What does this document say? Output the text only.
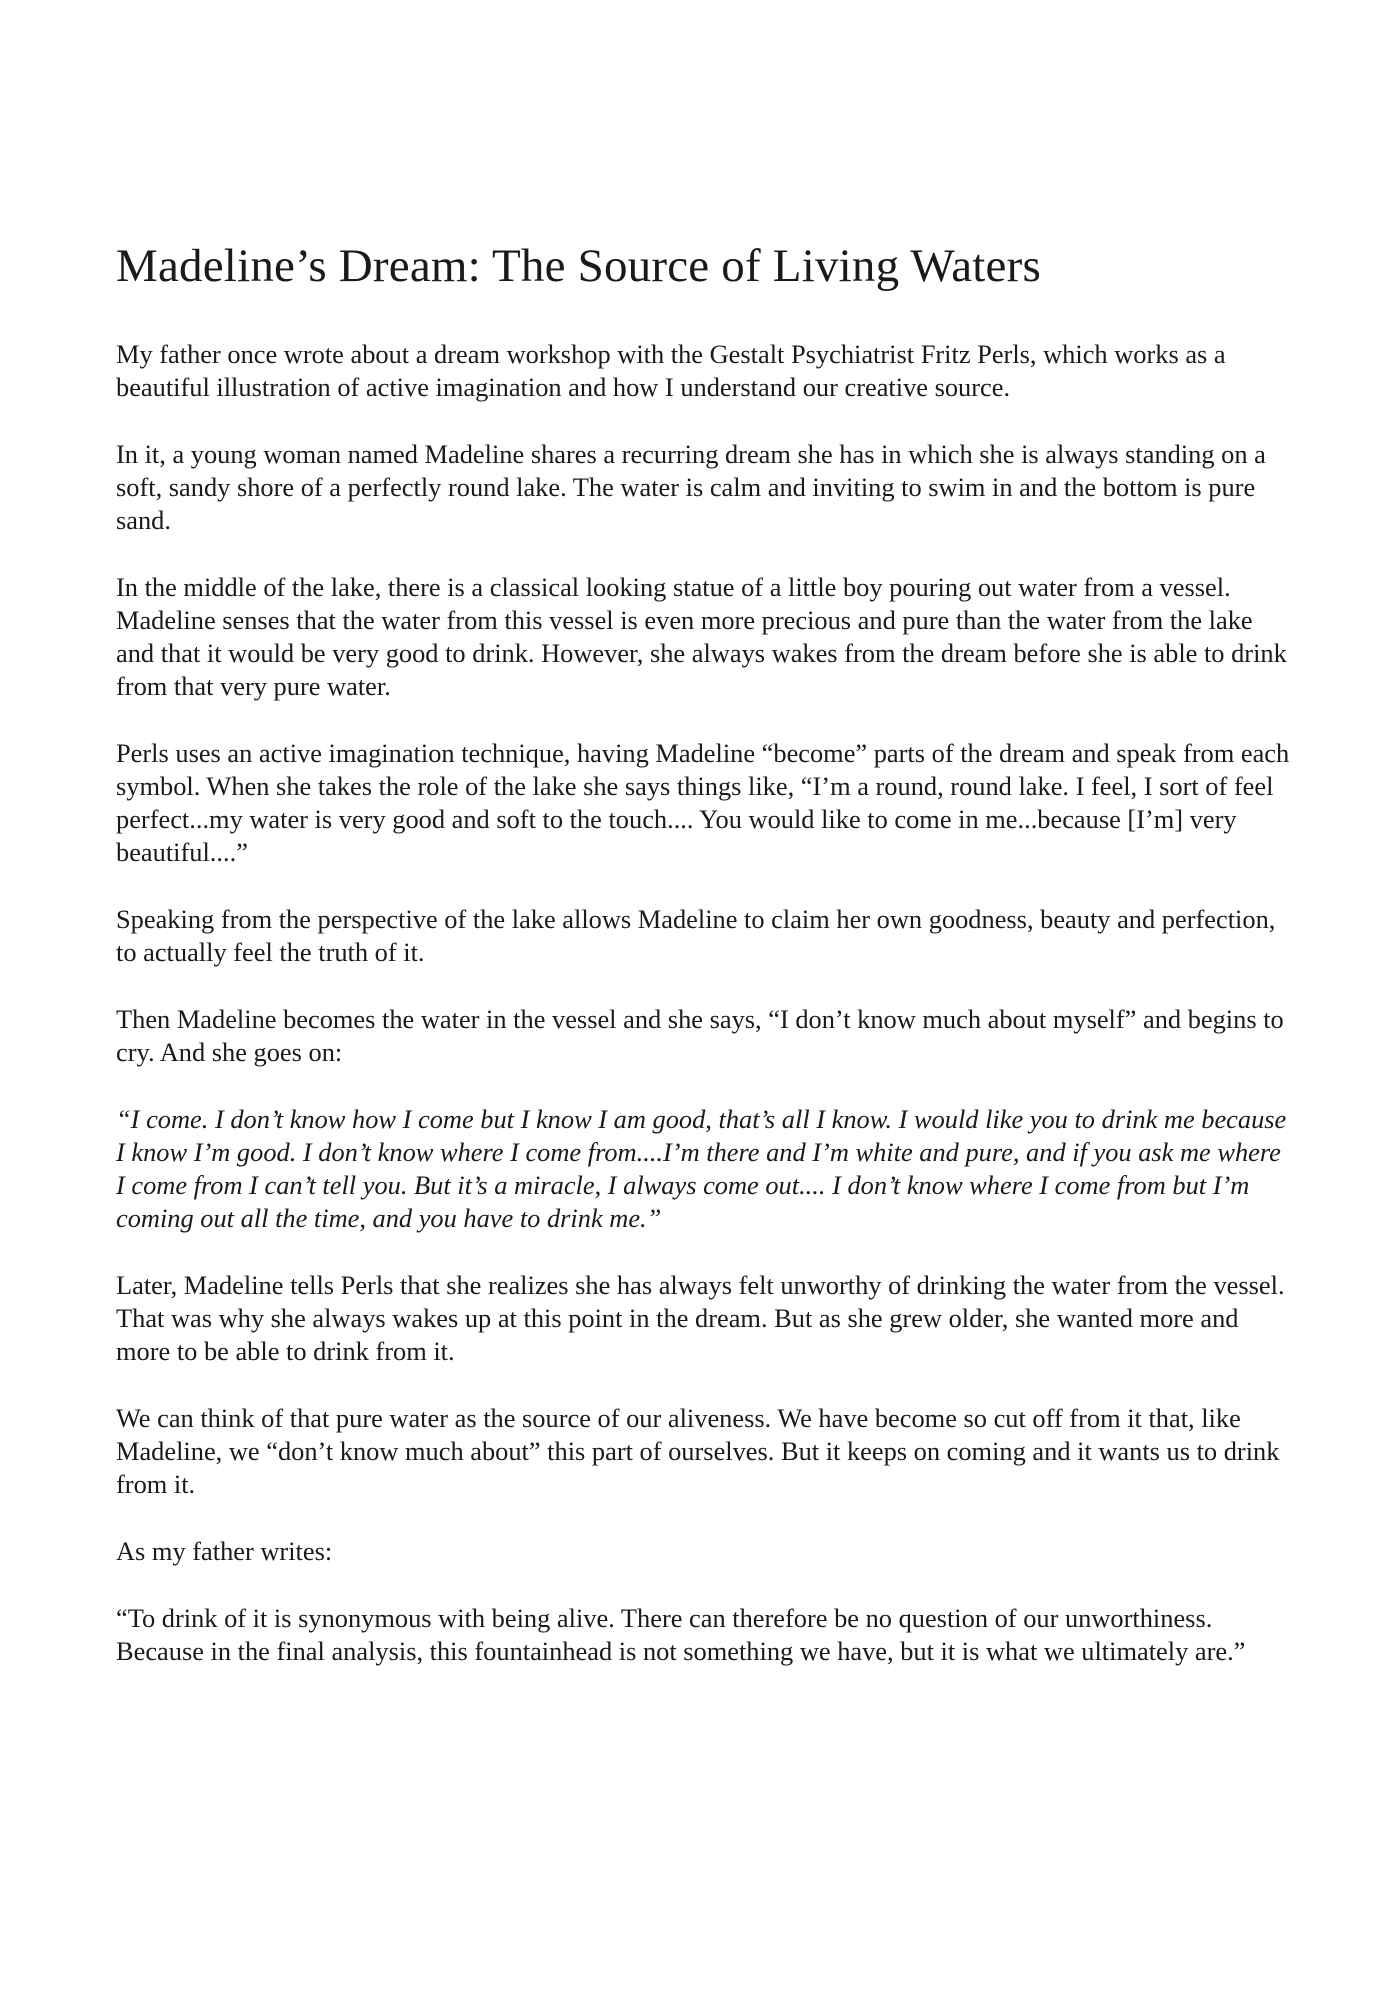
Madeline’s Dream: The Source of Living Waters

My father once wrote about a dream workshop with the Gestalt Psychiatrist Fritz Perls, which works as a beautiful illustration of active imagination and how I understand our creative source.

In it, a young woman named Madeline shares a recurring dream she has in which she is always standing on a soft, sandy shore of a perfectly round lake. The water is calm and inviting to swim in and the bottom is pure sand.

In the middle of the lake, there is a classical looking statue of a little boy pouring out water from a vessel. Madeline senses that the water from this vessel is even more precious and pure than the water from the lake and that it would be very good to drink. However, she always wakes from the dream before she is able to drink from that very pure water.

Perls uses an active imagination technique, having Madeline “become” parts of the dream and speak from each symbol. When she takes the role of the lake she says things like, “I’m a round, round lake. I feel, I sort of feel perfect...my water is very good and soft to the touch.... You would like to come in me...because [I’m] very beautiful....”

Speaking from the perspective of the lake allows Madeline to claim her own goodness, beauty and perfection, to actually feel the truth of it.

Then Madeline becomes the water in the vessel and she says, “I don’t know much about myself” and begins to cry. And she goes on:

“I come. I don’t know how I come but I know I am good, that’s all I know. I would like you to drink me because I know I’m good. I don’t know where I come from....I’m there and I’m white and pure, and if you ask me where I come from I can’t tell you. But it’s a miracle, I always come out.... I don’t know where I come from but I’m coming out all the time, and you have to drink me.”

Later, Madeline tells Perls that she realizes she has always felt unworthy of drinking the water from the vessel. That was why she always wakes up at this point in the dream. But as she grew older, she wanted more and more to be able to drink from it.

We can think of that pure water as the source of our aliveness. We have become so cut off from it that, like Madeline, we “don’t know much about” this part of ourselves. But it keeps on coming and it wants us to drink from it.

As my father writes:

“To drink of it is synonymous with being alive. There can therefore be no question of our unworthiness. Because in the final analysis, this fountainhead is not something we have, but it is what we ultimately are.”
